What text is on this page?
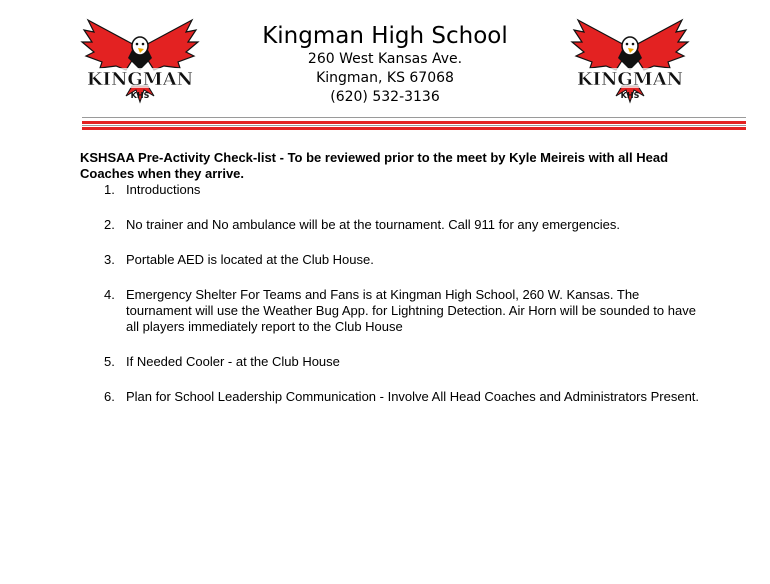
KINGMAN
KHS
KINGMAN
KHS
Kingman High School
260 West Kansas Ave.
Kingman, KS 67068
(620) 532-3136
KSHSAA Pre-Activity Check-list - To be reviewed prior to the meet by Kyle Meireis with all Head Coaches when they arrive.
1. Introductions
2. No trainer and No ambulance will be at the tournament. Call 911 for any emergencies.
3. Portable AED is located at the Club House.
4. Emergency Shelter For Teams and Fans is at Kingman High School, 260 W. Kansas. The tournament will use the Weather Bug App. for Lightning Detection. Air Horn will be sounded to have all players immediately report to the Club House
5. If Needed Cooler - at the Club House
6. Plan for School Leadership Communication - Involve All Head Coaches and Administrators Present.
